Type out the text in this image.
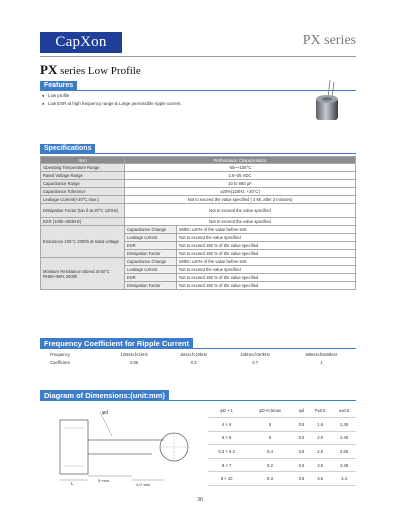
CapXon	PX series
PX series Low Profile
Features
● Low profile
● Low ESR at high frequency range & Large permissible ripple current.
Specifications
Item	Performance Characteristics	
Operating Temperature Range	-55~+105°C	
Rated Voltage Range	2.5~35 VDC	
Capacitance Range	10 to 680 μF	
Capacitance Tolerance	±20%(120Hz, +20°C)	
Leakage Current(+20°C,max.)	Not to exceed the value specified ( 2 Mi, after 2 minutes)	
Dissipation Factor (tan δ at 20°C 120Hz)	Not to exceed the value specified	
ESR (100k~300kHz)	Not to exceed the value specified	
Endurance 105°C 2000h at rated voltage	Capacitance Change	Within ±20% of the value before test
	Leakage current	Not to exceed the value specified
	ESR	Not to exceed 150 % of the value specified
	Dissipation Factor	Not to exceed 150 % of the value specified
Moisture Resistance Stored at 60°C RH90~95% 2000h	Capacitance Change	Within ±20% of the value before test
	Leakage current	Not to exceed the value specified
	ESR	Not to exceed 150 % of the value specified
	Dissipation Factor	Not to exceed 150 % of the value specified
Frequency Coefficient for Ripple Current
Frequency	120Hz≤f<1kHz	1kHz≤f<10kHz	10kHz≤f<50kHz	50kHz≤f≤500kHz
Coefficient	0.05	0.3	0.7	1
Diagram of Dimensions:(unit:mm)
φd
L
5~min
4.0~min
φD × L	φD+0.5max	φd	F±0.5	a±0.5
4 × 6	5	0.5	1.5	2.45
5 × 6	5	0.5	2.0	2.45
6.3 × 6.3	6.4	0.5	2.5	2.65
8 × 7	8.2	0.5	3.5	2.45
8 × 10	8.3	0.5	3.5	2.4
36
